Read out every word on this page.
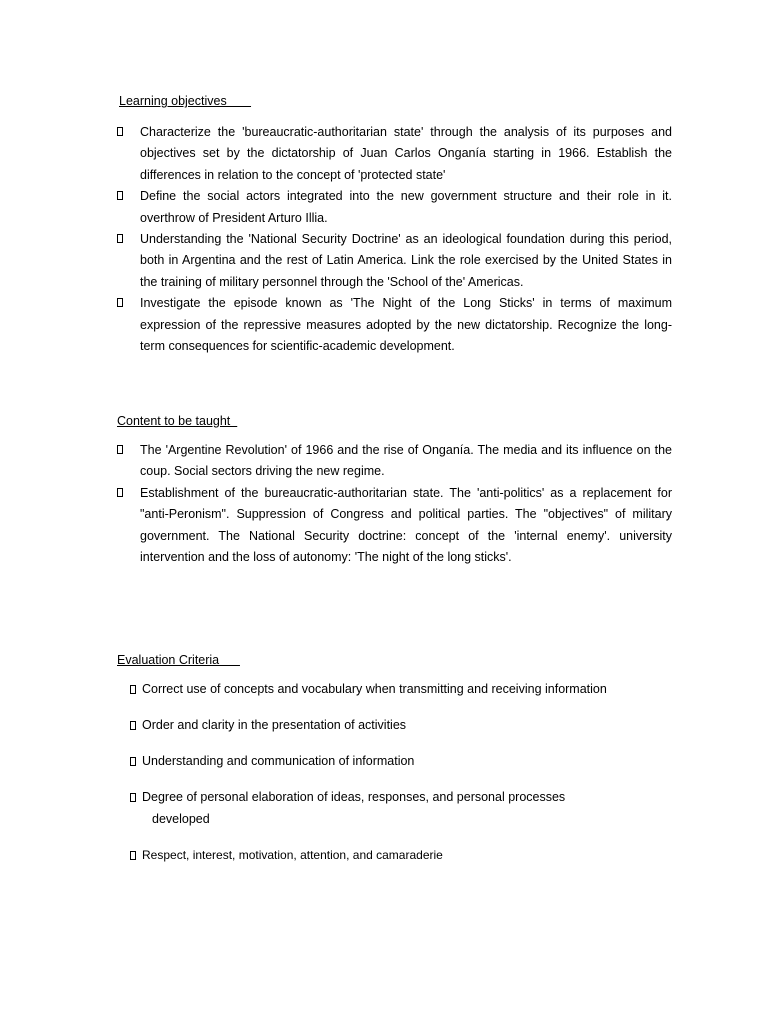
Learning objectives
Characterize the 'bureaucratic-authoritarian state' through the analysis of its purposes and objectives set by the dictatorship of Juan Carlos Onganía starting in 1966. Establish the differences in relation to the concept of 'protected state'
Define the social actors integrated into the new government structure and their role in it. overthrow of President Arturo Illia.
Understanding the 'National Security Doctrine' as an ideological foundation during this period, both in Argentina and the rest of Latin America. Link the role exercised by the United States in the training of military personnel through the 'School of the' Americas.
Investigate the episode known as 'The Night of the Long Sticks' in terms of maximum expression of the repressive measures adopted by the new dictatorship. Recognize the long-term consequences for scientific-academic development.
Content to be taught
The 'Argentine Revolution' of 1966 and the rise of Onganía. The media and its influence on the coup. Social sectors driving the new regime.
Establishment of the bureaucratic-authoritarian state. The 'anti-politics' as a replacement for "anti-Peronism". Suppression of Congress and political parties. The "objectives" of military government. The National Security doctrine: concept of the 'internal enemy'. university intervention and the loss of autonomy: 'The night of the long sticks'.
Evaluation Criteria
Correct use of concepts and vocabulary when transmitting and receiving information
Order and clarity in the presentation of activities
Understanding and communication of information
Degree of personal elaboration of ideas, responses, and personal processes
developed
Respect, interest, motivation, attention, and camaraderie
